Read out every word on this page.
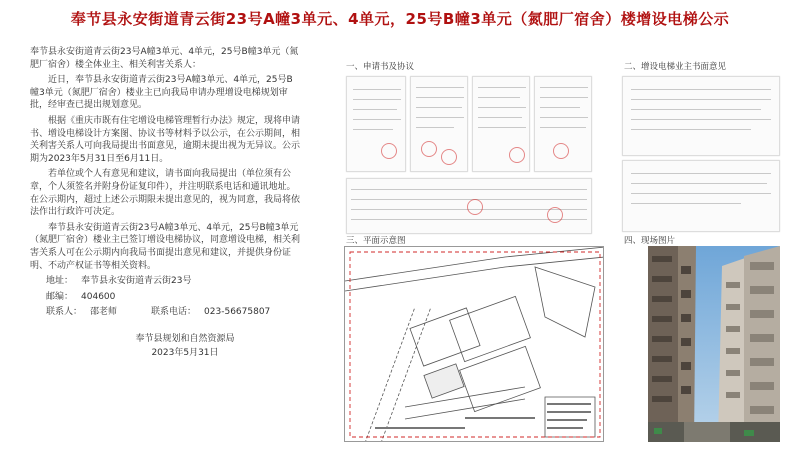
奉节县永安街道青云街23号A幢3单元、4单元，25号B幢3单元（氮肥厂宿舍）楼增设电梯公示

奉节县永安街道青云街23号A幢3单元、4单元，25号B幢3单元（氮肥厂宿舍）楼全体业主、相关利害关系人：

近日，奉节县永安街道青云街23号A幢3单元、4单元，25号B幢3单元（氮肥厂宿舍）楼业主已向我局申请办理增设电梯规划审批，经审查已提出规划意见。

根据《重庆市既有住宅增设电梯管理暂行办法》规定，现将申请书、增设电梯设计方案图、协议书等材料予以公示，在公示期间，相关利害关系人可向我局提出书面意见，逾期未提出视为无异议。公示期为2023年5月31日至6月11日。

若单位或个人有意见和建议，请书面向我局提出（单位须有公章，个人须签名并附身份证复印件），并注明联系电话和通讯地址。在公示期内，超过上述公示期限未提出意见的，视为同意，我局将依法作出行政许可决定。

奉节县永安街道青云街23号A幢3单元、4单元，25号B幢3单元（氮肥厂宿舍）楼业主已签订增设电梯协议，同意增设电梯，相关利害关系人可在公示期内向我局书面提出意见和建议，并提供身份证明、不动产权证书等相关资料。

地址： 奉节县永安街道青云街23号
邮编： 404600
联系人： 邵老师	联系电话： 023-56675807
奉节县规划和自然资源局
2023年5月31日
一、申请书及协议	二、增设电梯业主书面意见
三、平面示意图	四、现场图片
